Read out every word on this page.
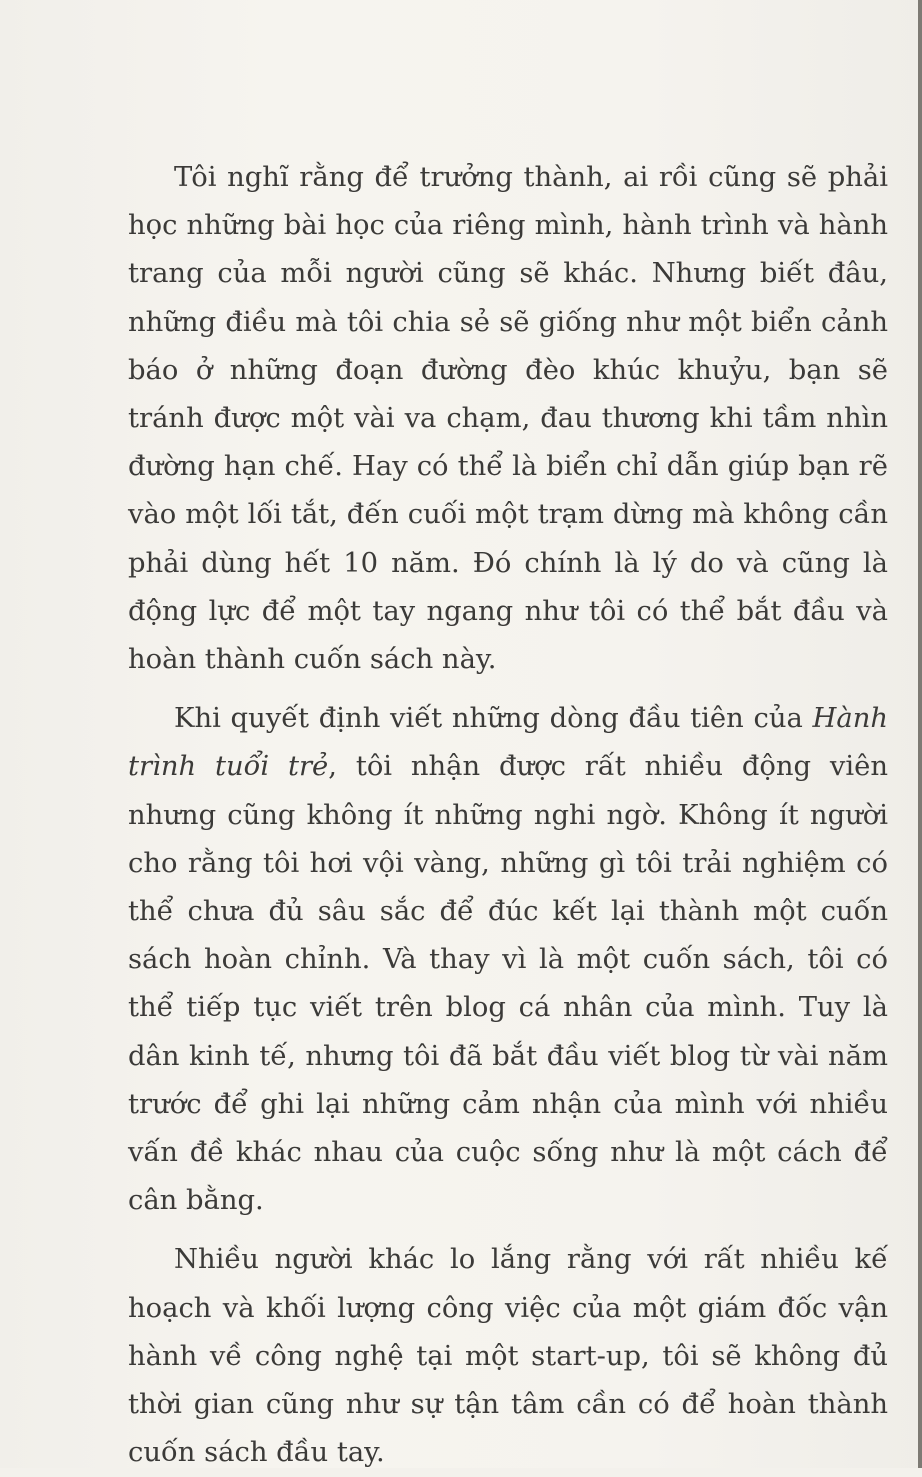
Tôi nghĩ rằng để trưởng thành, ai rồi cũng sẽ phải học những bài học của riêng mình, hành trình và hành trang của mỗi người cũng sẽ khác. Nhưng biết đâu, những điều mà tôi chia sẻ sẽ giống như một biển cảnh báo ở những đoạn đường đèo khúc khuỷu, bạn sẽ tránh được một vài va chạm, đau thương khi tầm nhìn đường hạn chế. Hay có thể là biển chỉ dẫn giúp bạn rẽ vào một lối tắt, đến cuối một trạm dừng mà không cần phải dùng hết 10 năm. Đó chính là lý do và cũng là động lực để một tay ngang như tôi có thể bắt đầu và hoàn thành cuốn sách này.

Khi quyết định viết những dòng đầu tiên của Hành trình tuổi trẻ, tôi nhận được rất nhiều động viên nhưng cũng không ít những nghi ngờ. Không ít người cho rằng tôi hơi vội vàng, những gì tôi trải nghiệm có thể chưa đủ sâu sắc để đúc kết lại thành một cuốn sách hoàn chỉnh. Và thay vì là một cuốn sách, tôi có thể tiếp tục viết trên blog cá nhân của mình. Tuy là dân kinh tế, nhưng tôi đã bắt đầu viết blog từ vài năm trước để ghi lại những cảm nhận của mình với nhiều vấn đề khác nhau của cuộc sống như là một cách để cân bằng.

Nhiều người khác lo lắng rằng với rất nhiều kế hoạch và khối lượng công việc của một giám đốc vận hành về công nghệ tại một start-up, tôi sẽ không đủ thời gian cũng như sự tận tâm cần có để hoàn thành cuốn sách đầu tay.
